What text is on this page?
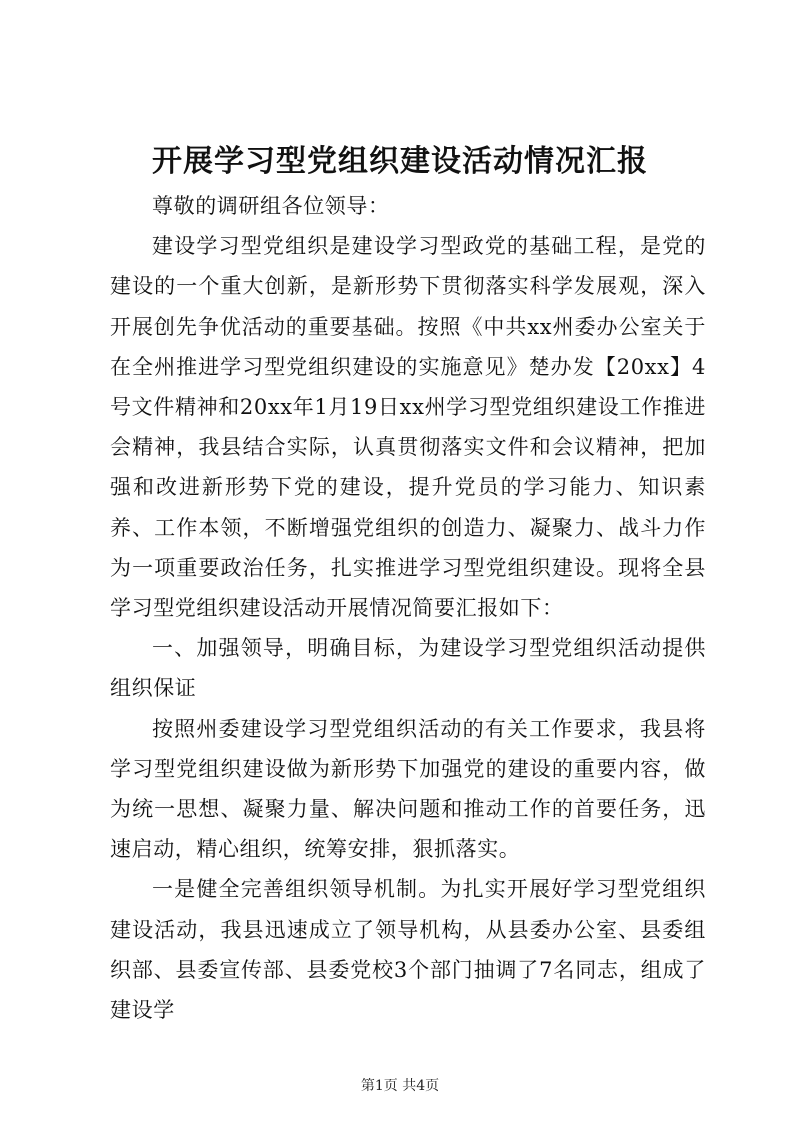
开展学习型党组织建设活动情况汇报

尊敬的调研组各位领导：

建设学习型党组织是建设学习型政党的基础工程，是党的建设的一个重大创新，是新形势下贯彻落实科学发展观，深入开展创先争优活动的重要基础。按照《中共xx州委办公室关于在全州推进学习型党组织建设的实施意见》楚办发【20xx】4号文件精神和20xx年1月19日xx州学习型党组织建设工作推进会精神，我县结合实际，认真贯彻落实文件和会议精神，把加强和改进新形势下党的建设，提升党员的学习能力、知识素养、工作本领，不断增强党组织的创造力、凝聚力、战斗力作为一项重要政治任务，扎实推进学习型党组织建设。现将全县学习型党组织建设活动开展情况简要汇报如下：

一、加强领导，明确目标，为建设学习型党组织活动提供组织保证

按照州委建设学习型党组织活动的有关工作要求，我县将学习型党组织建设做为新形势下加强党的建设的重要内容，做为统一思想、凝聚力量、解决问题和推动工作的首要任务，迅速启动，精心组织，统筹安排，狠抓落实。

一是健全完善组织领导机制。为扎实开展好学习型党组织建设活动，我县迅速成立了领导机构，从县委办公室、县委组织部、县委宣传部、县委党校3个部门抽调了7名同志，组成了建设学

第1页 共4页
